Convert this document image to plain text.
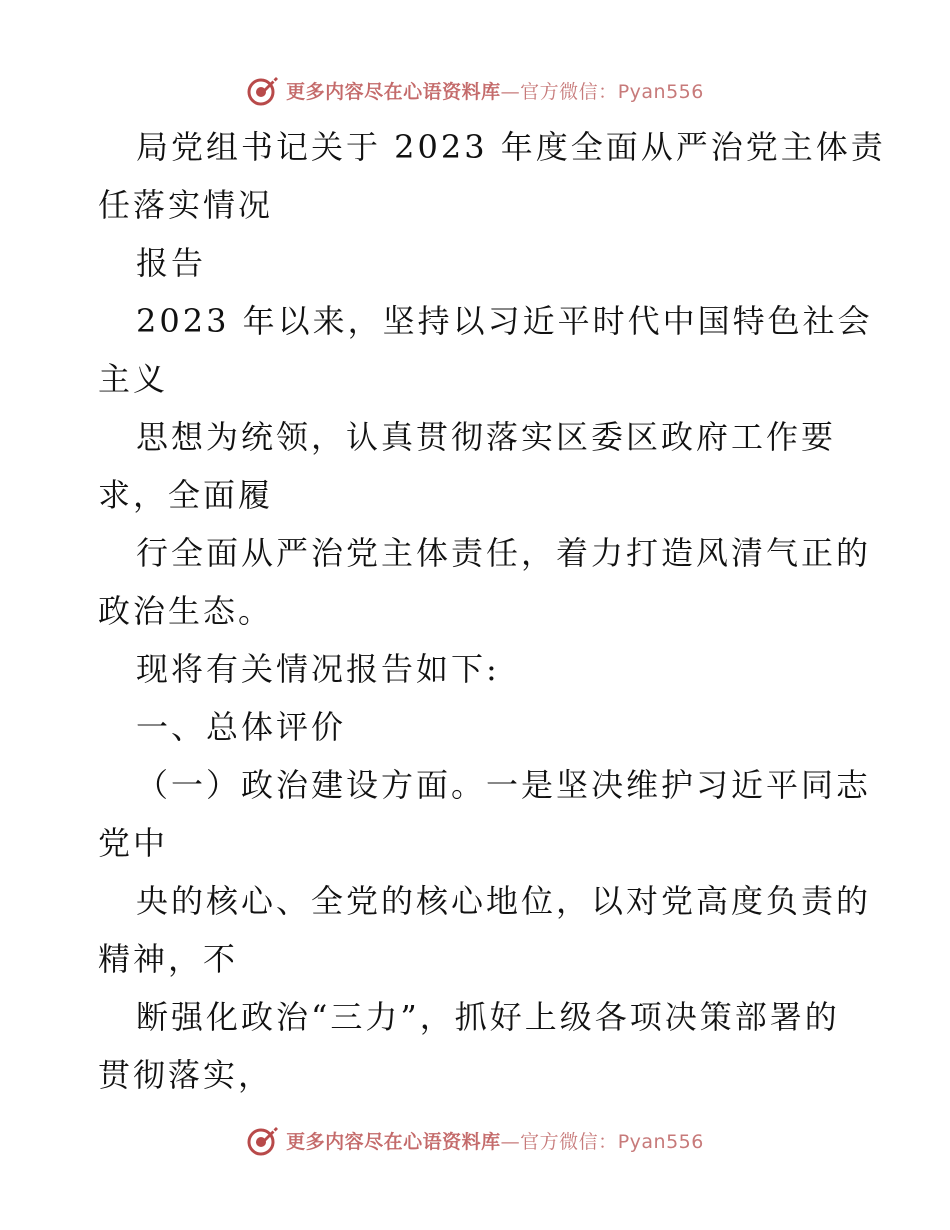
更多内容尽在心语资料库—官方微信：Pyan556
局党组书记关于 2023 年度全面从严治党主体责
任落实情况
报告
2023 年以来，坚持以习近平时代中国特色社会
主义
思想为统领，认真贯彻落实区委区政府工作要
求，全面履
行全面从严治党主体责任，着力打造风清气正的
政治生态。
现将有关情况报告如下:
一、总体评价
（一）政治建设方面。一是坚决维护习近平同志
党中
央的核心、全党的核心地位，以对党高度负责的
精神，不
断强化政治“三力”，抓好上级各项决策部署的
贯彻落实，
更多内容尽在心语资料库—官方微信：Pyan556
